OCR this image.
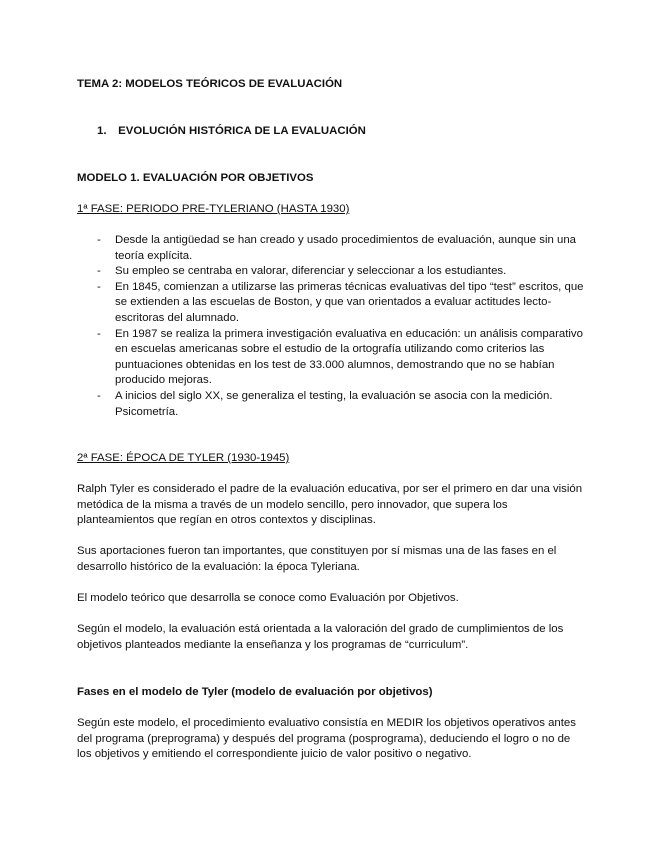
TEMA 2: MODELOS TEÓRICOS DE EVALUACIÓN
1. EVOLUCIÓN HISTÓRICA DE LA EVALUACIÓN
MODELO 1. EVALUACIÓN POR OBJETIVOS
1ª FASE: PERIODO PRE-TYLERIANO (HASTA 1930)
- Desde la antigüedad se han creado y usado procedimientos de evaluación, aunque sin una teoría explícita.
- Su empleo se centraba en valorar, diferenciar y seleccionar a los estudiantes.
- En 1845, comienzan a utilizarse las primeras técnicas evaluativas del tipo “test” escritos, que se extienden a las escuelas de Boston, y que van orientados a evaluar actitudes lecto-escritoras del alumnado.
- En 1987 se realiza la primera investigación evaluativa en educación: un análisis comparativo en escuelas americanas sobre el estudio de la ortografía utilizando como criterios las puntuaciones obtenidas en los test de 33.000 alumnos, demostrando que no se habían producido mejoras.
- A inicios del siglo XX, se generaliza el testing, la evaluación se asocia con la medición. Psicometría.
2ª FASE: ÉPOCA DE TYLER (1930-1945)

Ralph Tyler es considerado el padre de la evaluación educativa, por ser el primero en dar una visión metódica de la misma a través de un modelo sencillo, pero innovador, que supera los planteamientos que regían en otros contextos y disciplinas.

Sus aportaciones fueron tan importantes, que constituyen por sí mismas una de las fases en el desarrollo histórico de la evaluación: la época Tyleriana.

El modelo teórico que desarrolla se conoce como Evaluación por Objetivos.

Según el modelo, la evaluación está orientada a la valoración del grado de cumplimientos de los objetivos planteados mediante la enseñanza y los programas de “curriculum”.

Fases en el modelo de Tyler (modelo de evaluación por objetivos)

Según este modelo, el procedimiento evaluativo consistía en MEDIR los objetivos operativos antes del programa (preprograma) y después del programa (posprograma), deduciendo el logro o no de los objetivos y emitiendo el correspondiente juicio de valor positivo o negativo.
